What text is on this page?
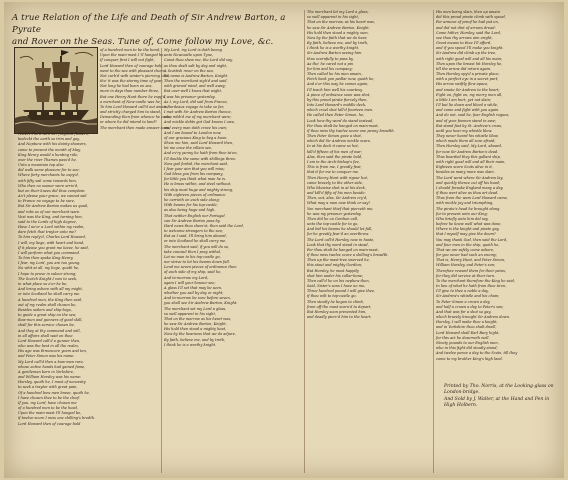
A true Relation of the Life and Death of Sir Andrew Barton, a Pyrate
and Rover on the Seas. Tune of, Come follow my Love, &c.
of a hundred men to be the bond,
Upon the main-mast I 'll hanged be,
If conquer first I will not fight,
Lord Howard then of courage bold,
went to the sea with pleasant cheer,
Not curb'd with winter's piercing cold,
tho' it was the stormy time of year;
Not long he had been on sea,
more in days than number three,
But one Henry Hunt there he espy'd,
a merchant of New-castle was he;
To him Lord Howard call'd out amain,
and strictly charged him to stand,
Demanding then from whence he came,
or where he did intend to land?
The merchant then made answer soon,
WHEN Flora with her fragrant flowers,
bedeckt the earth so trim and gay,
And Neptune with his dainty showers,
came to present the month of May,
King Henry would a hunting ride,
over the river Thames pass'd he,
Unto a mountain top also
did walk some pleasure for to see;
Where forty merchants he espy'd,
with fifty sail come towards him,
Who then no sooner were arriv'd,
but on their knees did thus complain:
An't please your grace, we cannot sail
to France no voyage to be sure,
But Sir Andrew Barton makes us quail,
and robs us of our merchant ware.
Vext was the King, and turning him,
said to the Lords of high degree,
Have I ne'er a Lord within my realm,
dare fetch that traytor unto me?
To him reply'd, Charles Lord Howard,
I will, my liege, with heart and hand,
If it please you grant me leave, he said,
I will perform what you command.
To him then spake King Henry,
I fear, my Lord, you are too young.
No whit at all, my liege, quoth he,
I hope to prove in valour strong;
The Scotch Knight I vow to seek,
in what place so e'er he be,
And bring ashore with all my might,
or into Scotland he shall carry me.
A hundred men, the King then said,
out of my realm shall chosen be,
Besides sailors and ship-boys,
to guide a great ship on the sea;
Bow-men and gunners of good skill,
shall for this service chosen be,
And they at thy command and will,
in all affairs shall wait on thee.
Lord Howard call'd a gunner then,
who was the best in all the realm,
His age was threescore years and ten,
and Peter Simon was his name:
My Lord call'd then a bow-man rare,
whose active hands had gained fame,
A gentleman born in Yorkshire,
and William Horsley was his name:
Horsley, quoth he, I must of necessity
to seek a traytor with great pain,
Of a hundred bow men brave, quoth he,
I have chosen thee to be the chief.
If you, my Lord, have chosen me
of a hundred men to be the head,
Upon the main-mast I'll hanged be,
if twelve-score I miss one shilling's bredth.
Lord Howard then of courage bold
My Lord, my Lord is doth beong
unto Newcastle upon Tyne,
Canst thou shew me, the Lord did say,
as thou shalt salt by day and night,
A Scottish rover on the sea,
his name is Andrew Barton, Knight.
Then the merchant sigh'd and said,
with grieved mind, and well away;
But over-well I know that wight,
I was his prisoner yesterday.
As I, my Lord, did sail from France,
a Burdeaux voyage to take so far,
I met with Sir Andrew Barton thence,
who robb'd me of my merchant ware;
And mickle debts got God knows I owe,
and every man doth crave his own;
And I am bound to London now,
of our gracious King to beg a boon.
Shew me him, said Lord Howard then,
let me once the villain see,
And ev'ry penny he hath from thee ta'en,
I'll double the same with shillings three.
Now god forbid, the merchant said,
I fear your aim that you will miss;
God bless you from his company,
for little you think what man he is.
He is brass within, and steel without,
his ship most huge and mighty strong,
With eighteen pieces of ordinance
he carrieth on each side along;
With beams for his top-castle,
as also being huge and high,
That neither English nor Portugal
can Sir Andrew Barton pass by.
Hard news thou shew'st, then said the Lord,
to welcome strangers to the sea;
But as I said, I'll bring him aboard,
or into Scotland he shall carry me.
The merchant said, if you will do so,
take counsel then I pray withal,
Let no man to his top-castle go,
nor strive to let his beams down fall.
Lend me seven pieces of ordinance then
of each side of my ship, said he,
And to-morrow my Lord,
again I will your honour see;
A glass I'll set that may be seen,
whether you sail by day or night;
And to-morrow be sure before seven,
you shall see Sir Andrew Barton, Knight.
The merchant set my Lord a glass,
so well apparent in his sight,
That on the morrow as his heart was,
he saw Sir Andrew Barton, Knight.
His hold then stood a mighty heat,
Now by the hearness that we do adjure,
By faith, believe me, and by troth,
I think he is a worthy knight.
The merchant let my Lord a glass,
so well apparent in his sight,
That on the morrow, as his heart was,
he saw Sir Andrew Barton, Knight.
His hold then stood a mighty sum,
Now by the faith that we do bear,
By faith, believe me, and by troth,
I think he is a worthy knight.
Sir Andrew Barton seeing him
thus scornfully to pass by,
As tho' he cared not a pin
for him and his company;
Then called he his men amain,
Fetch back yon pedlar now, quoth he,
And e'er this way he comes again,
I'll teach him well his courtesy.
A piece of ordnance soon was shot,
by this proud pirate fiercely then,
Into Lord Howard's middle deck,
which cruel shot kill'd fourteen men.
He called then Peter Simon, he,
Look how thy word do stand instead,
For thou shalt be hanged on main-mast,
if thou miss thy twelve score one penny breadth.
Then Peter Simon gave a shot,
which did Sir Andrew mickle scare,
In at his deck it came so hot,
kill'd fifteen of his men of war;
Alas, then said the pirate bold,
I am in the Arch-bishop's fee,
This is from me, I greatly fear,
that it for me to conquer me.
Then Henry Hunt with rigour hot,
came bravely to the other side,
Who likewise shot in at his deck,
and kill'd fifty of his men beside:
Then, out, alas, Sir Andrew cry'd,
What may a man now think or say?
Yon merchant thief that pierceth me,
he was my prisoner yesterday.
Then did he on Gordion call,
unto the top-castle for to go,
And bid his beams he should let fall,
for he greatly fear'd an overthrow.
The Lord call'd Horsley now in haste,
Look that thy word stand in stead,
For thou shalt be hanged on main-mast,
if thou miss twelve score a shilling's breadth.
Then up the mast-tree swerved he,
this stout and mighty Gordion;
But Horsley, he most happily
shot him under his collar-bone;
Then call'd he on his nephew then,
Said, Sister's sons I have no mo,
Three hundred pound I will give thee,
if thou wilt to top-castle go.
Then stoutly he began to climb,
from off the mast scorn'd to depart;
But Horsley soon prevented him,
and deadly pierc'd him to the heart.
His men being slain, then up amain
did this proud pirate climb with speed,
For armour of proof he had put on,
and did not dint of arrows dread:
Come hither, Horsley, said the Lord,
see thou thy arrows aim aright,
Great means to thee I'll afford,
and if you speed I'll make you knight.
Sir Andrew did climb up the tree,
with right good will and all his main;
Then upon the breast hit Horsley he,
till the arrow did return again.
Then Horsley spy'd a private place,
with a perfect eye in a secret part;
His arrow swiftly flew apace,
and smote Sir Andrew to the heart;
Fight on, fight on, my merry men all,
a little I am hurt, yet not slain;
I'll but lie down and bleed a while,
and come and fight with you again.
And do not, said he, fear English rogues,
and of your foemen stand in awe;
But stand fast by St. Andrew's cross,
until you hear my whistle blow.
They never heard his whistle blow,
which made them all sore afraid;
Then Horsley said, My Lord, aboard,
for now Sir Andrew Barton's dead.
Thus boarded they this gallant ship,
with right good will and all their main,
Eighteen score Scots alive in it,
besides as many more was slain.
The Lord went where Sir Andrew lay,
and quickly thence cut off his head;
I should forsake England many a day,
if thou wert alive as thou art dead.
Thus from the wars Lord Howard came,
with mickle joy and triumphing,
The pirate's head he brought along
for to present unto our King;
Who briefly unto him did say,
before he knew well what was done,
Where is the knight and pirate gay,
that I myself may give the doom?
You may thank God, then said the Lord,
and four men in the ship, quoth he,
That we are safely come ashore,
for you never had such an enemy;
That is, Henry Hunt, and Peter Simon,
William Horsley, and Peter's son;
Therefore reward them for their pains,
for they did service at their turn.
To the merchant therefore the King he said,
In lieu of what he hath from thee ta'en,
I'll give to thee a noble a day,
Sir Andrew's whistle and his chain;
To Peter Simon a crown a day,
and half a crown a day to Peter's son;
And that was for a shot so gay,
which bravely brought Sir Andrew down.
Horsley, I will make thee a knight,
and in Yorkshire thou shalt dwell,
Lord Howard shall Earl Bury hight,
for this act he deserveth well.
Ninety pounds to our English men,
who in this fight did stoutly stand;
And twelve pence a day to the Scots, till they
come to my brother King's high land.
Printed by Tho. Norris, at the Looking-glass on London-bridge.
And Sold by J. Walter, at the Hand and Pen in High Holbern.
